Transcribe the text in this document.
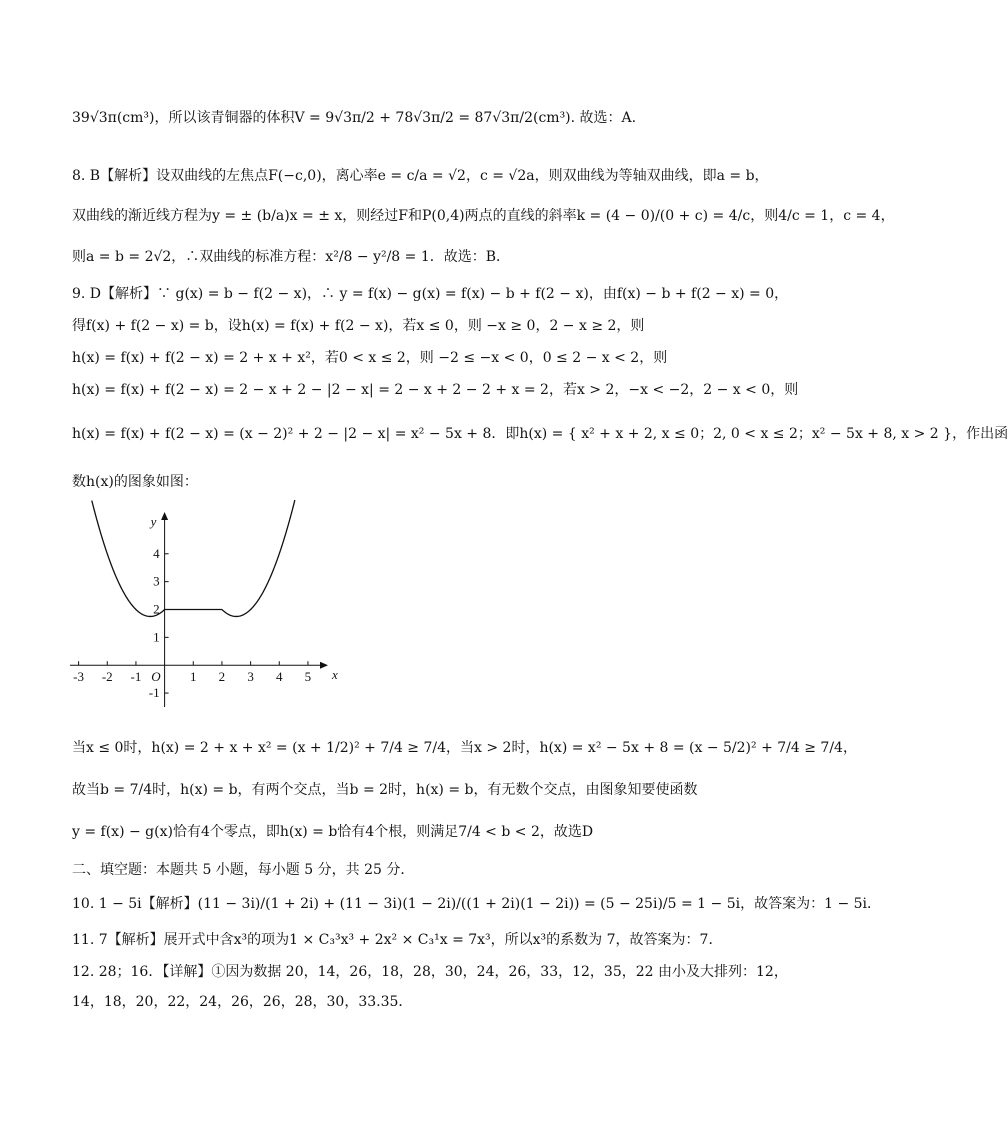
39√3π(cm³)，所以该青铜器的体积V = 9√3π/2 + 78√3π/2 = 87√3π/2(cm³). 故选：A.
8. B【解析】设双曲线的左焦点F(−c,0)，离心率e = c/a = √2，c = √2a，则双曲线为等轴双曲线，即a = b，
双曲线的渐近线方程为y = ± (b/a)x = ± x，则经过F和P(0,4)两点的直线的斜率k = (4 − 0)/(0 + c) = 4/c，则4/c = 1，c = 4，
则a = b = 2√2，∴双曲线的标准方程：x²/8 − y²/8 = 1．故选：B．
9. D【解析】∵ g(x) = b − f(2 − x)，∴ y = f(x) − g(x) = f(x) − b + f(2 − x)，由f(x) − b + f(2 − x) = 0，
得f(x) + f(2 − x) = b，设h(x) = f(x) + f(2 − x)，若x ≤ 0，则 −x ≥ 0，2 − x ≥ 2，则
h(x) = f(x) + f(2 − x) = 2 + x + x²，若0 < x ≤ 2，则 −2 ≤ −x < 0，0 ≤ 2 − x < 2，则
h(x) = f(x) + f(2 − x) = 2 − x + 2 − |2 − x| = 2 − x + 2 − 2 + x = 2，若x > 2，−x < −2，2 − x < 0，则
h(x) = f(x) + f(2 − x) = (x − 2)² + 2 − |2 − x| = x² − 5x + 8．即h(x) = { x² + x + 2, x ≤ 0；2, 0 < x ≤ 2；x² − 5x + 8, x > 2 }，作出函
数h(x)的图象如图：
-3 -2 -1	1 2 3 4 5
-1
1
2
3
4
O	x
y
当x ≤ 0时，h(x) = 2 + x + x² = (x + 1/2)² + 7/4 ≥ 7/4，当x > 2时，h(x) = x² − 5x + 8 = (x − 5/2)² + 7/4 ≥ 7/4，
故当b = 7/4时，h(x) = b，有两个交点，当b = 2时，h(x) = b，有无数个交点，由图象知要使函数
y = f(x) − g(x)恰有4个零点，即h(x) = b恰有4个根，则满足7/4 < b < 2，故选D
二、填空题：本题共 5 小题，每小题 5 分，共 25 分．
10. 1 − 5i【解析】(11 − 3i)/(1 + 2i) + (11 − 3i)(1 − 2i)/((1 + 2i)(1 − 2i)) = (5 − 25i)/5 = 1 − 5i，故答案为：1 − 5i．
11. 7【解析】展开式中含x³的项为1 × C₃³x³ + 2x² × C₃¹x = 7x³，所以x³的系数为 7，故答案为：7．
12. 28；16．【详解】①因为数据 20，14，26，18，28，30，24，26，33，12，35，22 由小及大排列：12，
14，18，20，22，24，26，26，28，30，33.35．
